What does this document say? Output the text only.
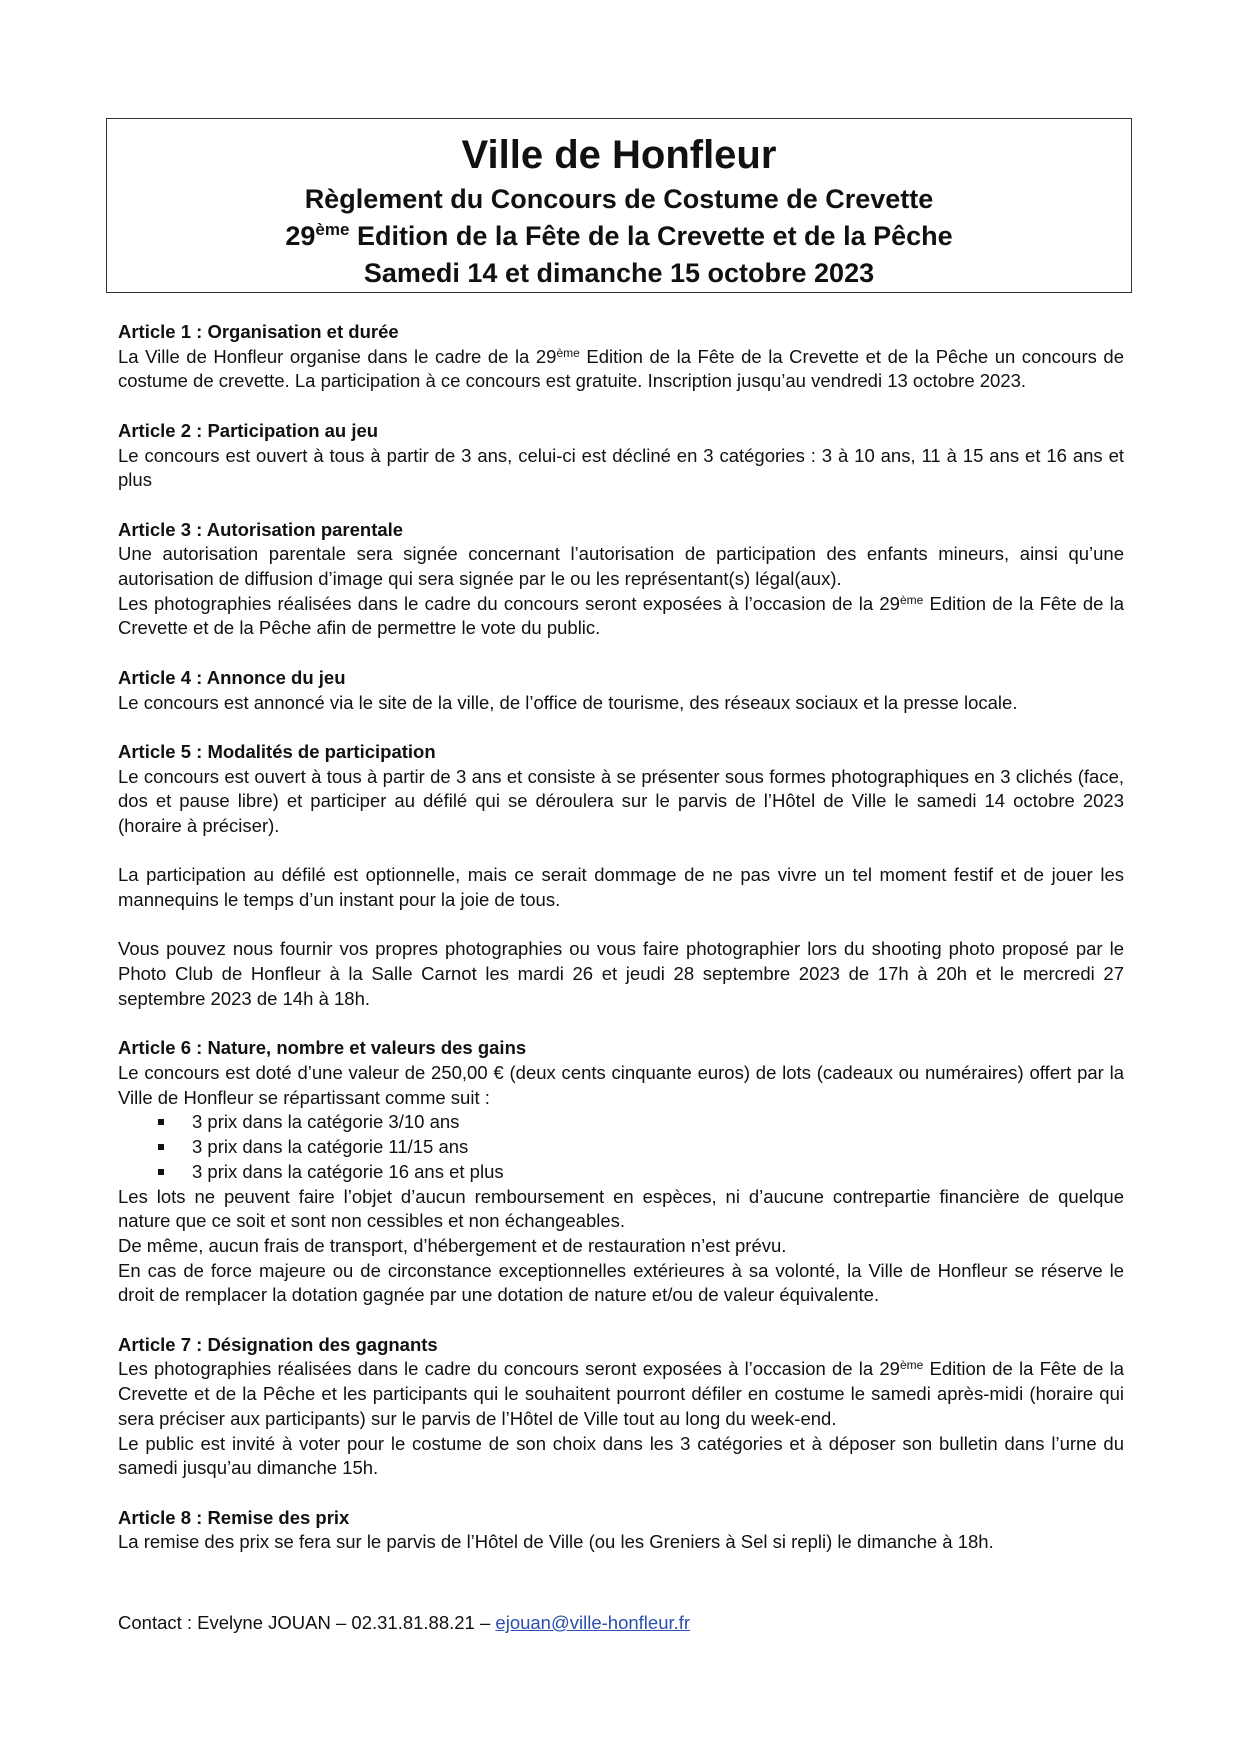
Ville de Honfleur
Règlement du Concours de Costume de Crevette
29ème Edition de la Fête de la Crevette et de la Pêche
Samedi 14 et dimanche 15 octobre 2023
Article 1 : Organisation et durée
La Ville de Honfleur organise dans le cadre de la 29ème Edition de la Fête de la Crevette et de la Pêche un concours de costume de crevette. La participation à ce concours est gratuite. Inscription jusqu’au vendredi 13 octobre 2023.
Article 2 : Participation au jeu
Le concours est ouvert à tous à partir de 3 ans, celui-ci est décliné en 3 catégories : 3 à 10 ans, 11 à 15 ans et 16 ans et plus
Article 3 : Autorisation parentale
Une autorisation parentale sera signée concernant l’autorisation de participation des enfants mineurs, ainsi qu’une autorisation de diffusion d’image qui sera signée par le ou les représentant(s) légal(aux).
Les photographies réalisées dans le cadre du concours seront exposées à l’occasion de la 29ème Edition de la Fête de la Crevette et de la Pêche afin de permettre le vote du public.
Article 4 : Annonce du jeu
Le concours est annoncé via le site de la ville, de l’office de tourisme, des réseaux sociaux et la presse locale.
Article 5 : Modalités de participation
Le concours est ouvert à tous à partir de 3 ans et consiste à se présenter sous formes photographiques en 3 clichés (face, dos et pause libre) et participer au défilé qui se déroulera sur le parvis de l’Hôtel de Ville le samedi 14 octobre 2023 (horaire à préciser).
La participation au défilé est optionnelle, mais ce serait dommage de ne pas vivre un tel moment festif et de jouer les mannequins le temps d’un instant pour la joie de tous.
Vous pouvez nous fournir vos propres photographies ou vous faire photographier lors du shooting photo proposé par le Photo Club de Honfleur à la Salle Carnot les mardi 26 et jeudi 28 septembre 2023 de 17h à 20h et le mercredi 27 septembre 2023 de 14h à 18h.
Article 6 : Nature, nombre et valeurs des gains
Le concours est doté d’une valeur de 250,00 € (deux cents cinquante euros) de lots (cadeaux ou numéraires) offert par la Ville de Honfleur se répartissant comme suit :
3 prix dans la catégorie 3/10 ans
3 prix dans la catégorie 11/15 ans
3 prix dans la catégorie 16 ans et plus
Les lots ne peuvent faire l’objet d’aucun remboursement en espèces, ni d’aucune contrepartie financière de quelque nature que ce soit et sont non cessibles et non échangeables.
De même, aucun frais de transport, d’hébergement et de restauration n’est prévu.
En cas de force majeure ou de circonstance exceptionnelles extérieures à sa volonté, la Ville de Honfleur se réserve le droit de remplacer la dotation gagnée par une dotation de nature et/ou de valeur équivalente.
Article 7 : Désignation des gagnants
Les photographies réalisées dans le cadre du concours seront exposées à l’occasion de la 29ème Edition de la Fête de la Crevette et de la Pêche et les participants qui le souhaitent pourront défiler en costume le samedi après-midi (horaire qui sera préciser aux participants) sur le parvis de l’Hôtel de Ville tout au long du week-end.
Le public est invité à voter pour le costume de son choix dans les 3 catégories et à déposer son bulletin dans l’urne du samedi jusqu’au dimanche 15h.
Article 8 : Remise des prix
La remise des prix se fera sur le parvis de l’Hôtel de Ville (ou les Greniers à Sel si repli) le dimanche à 18h.
Contact : Evelyne JOUAN – 02.31.81.88.21 – ejouan@ville-honfleur.fr
